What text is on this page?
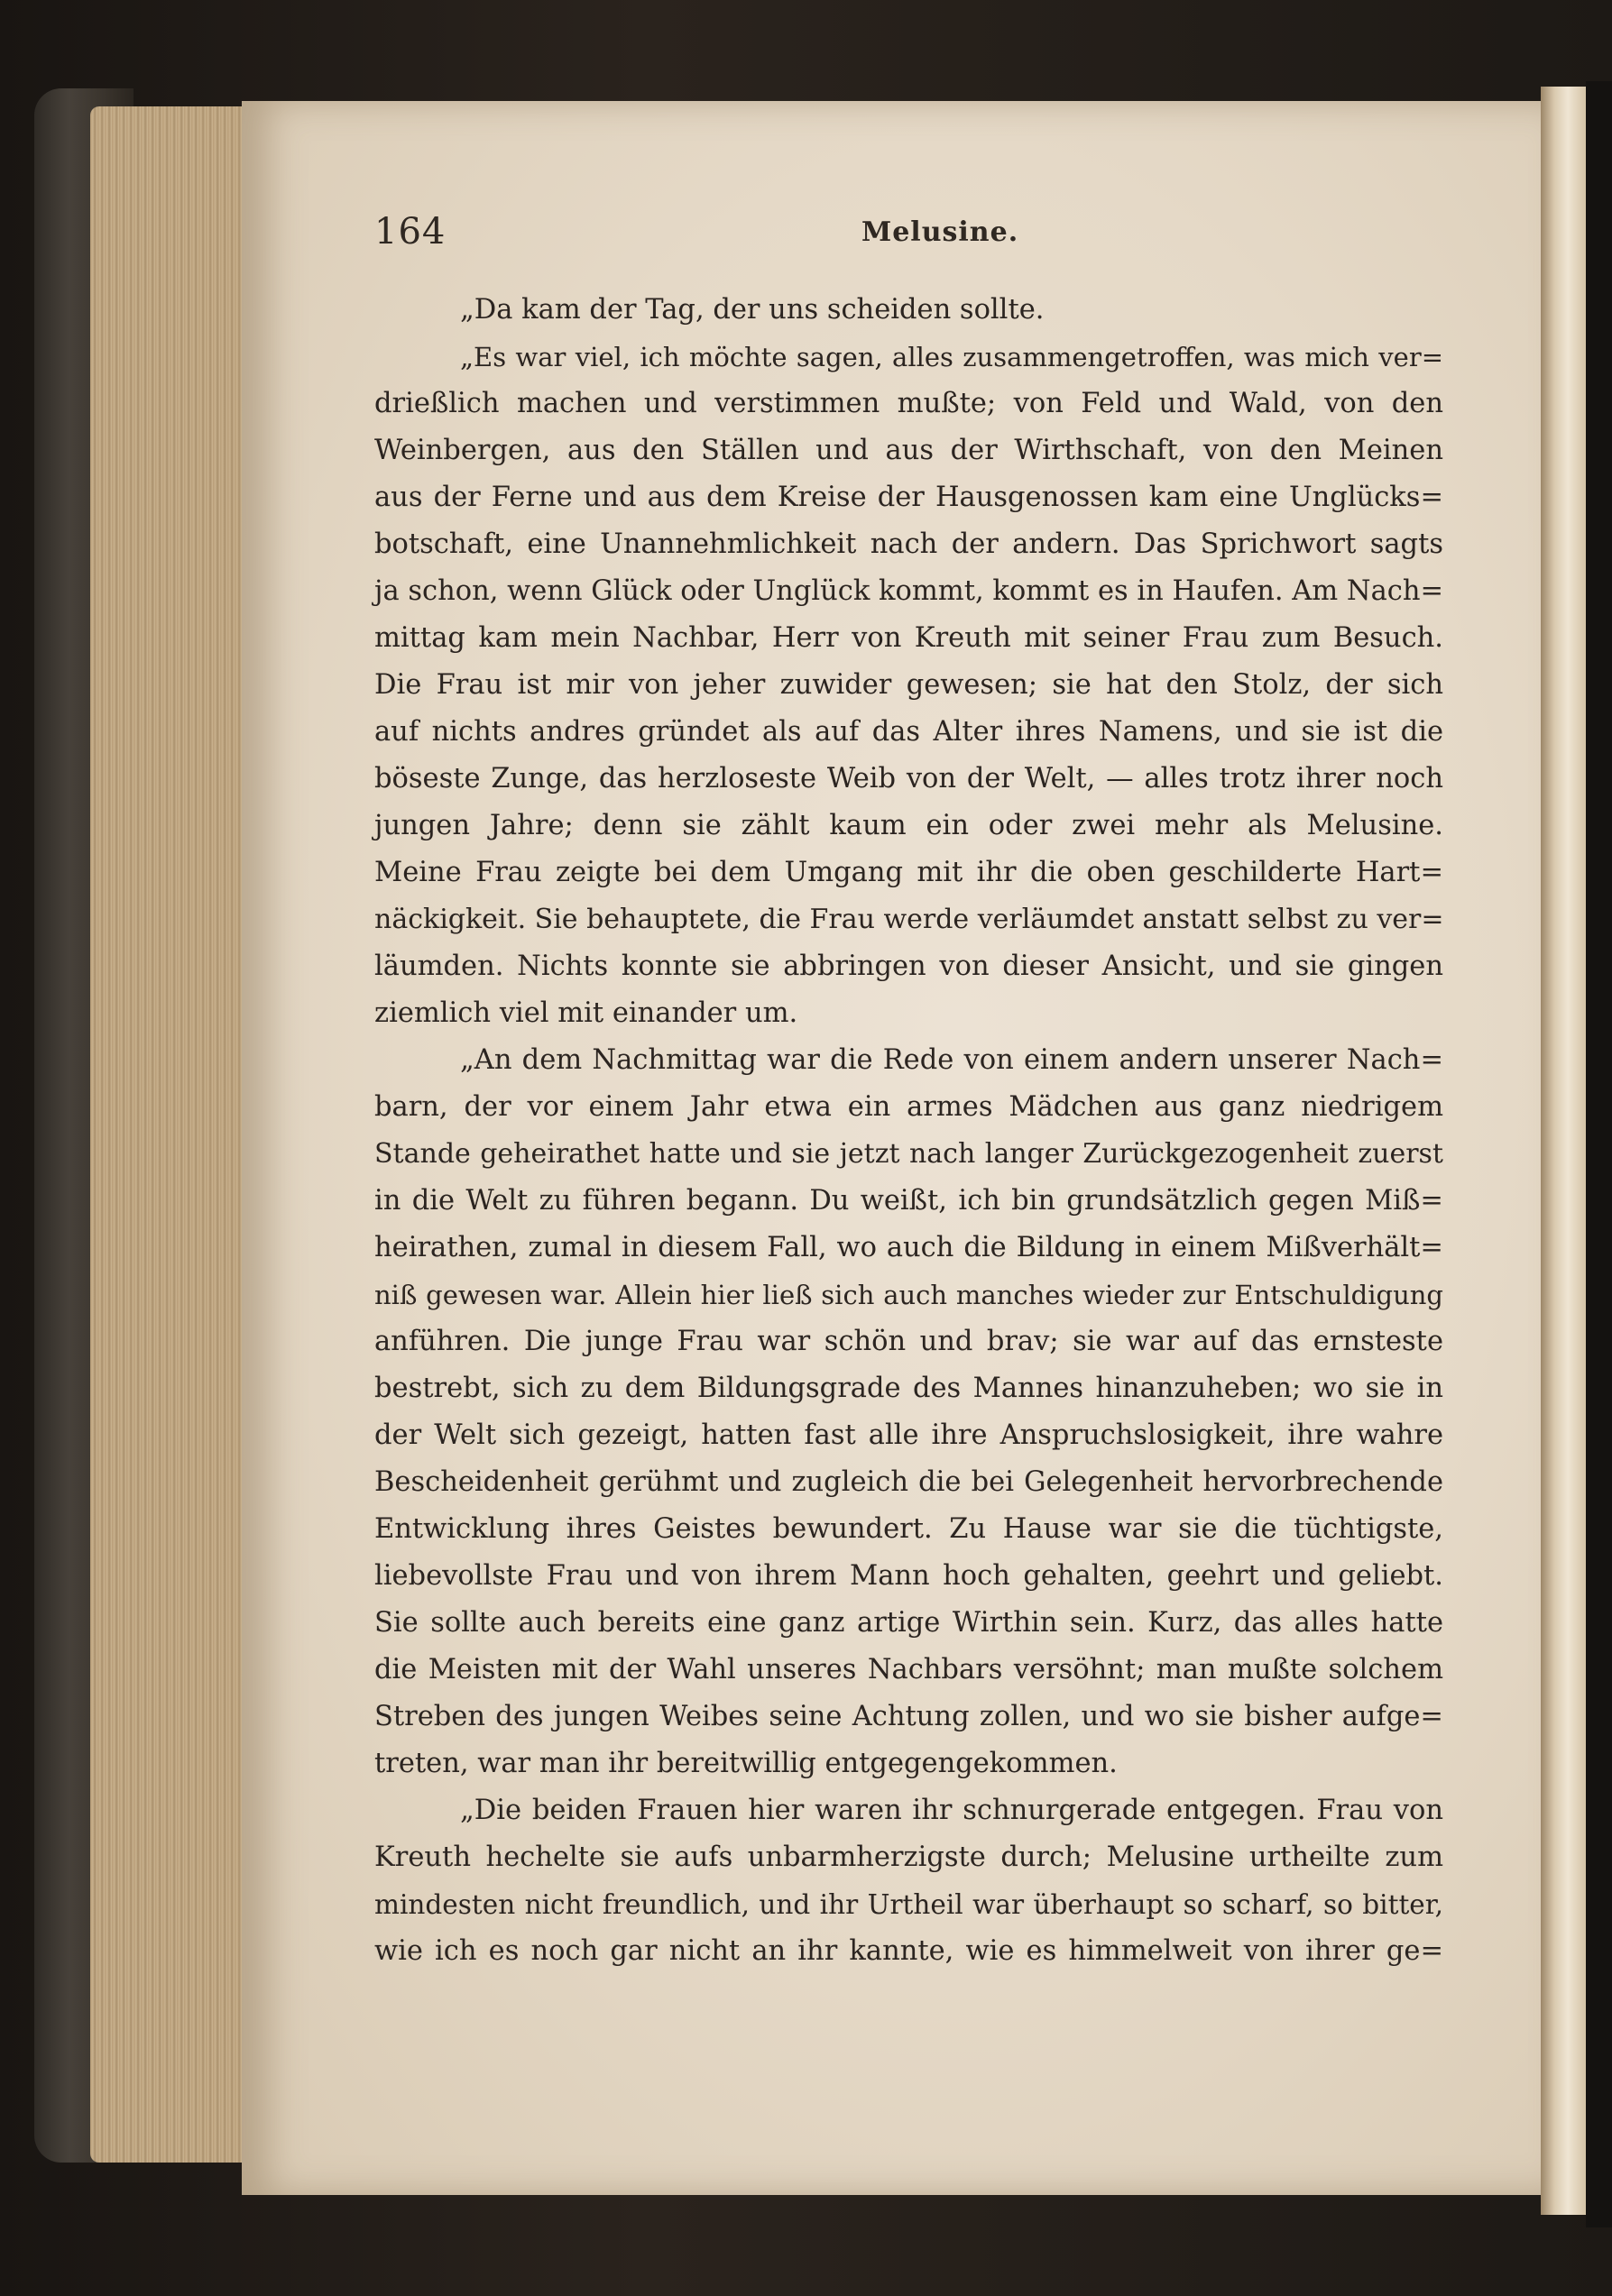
164	Melusine.
„Da kam der Tag, der uns scheiden sollte.
„Es war viel, ich möchte sagen, alles zusammengetroffen, was mich ver=
drießlich machen und verstimmen mußte; von Feld und Wald, von den
Weinbergen, aus den Ställen und aus der Wirthschaft, von den Meinen
aus der Ferne und aus dem Kreise der Hausgenossen kam eine Unglücks=
botschaft, eine Unannehmlichkeit nach der andern. Das Sprichwort sagts
ja schon, wenn Glück oder Unglück kommt, kommt es in Haufen. Am Nach=
mittag kam mein Nachbar, Herr von Kreuth mit seiner Frau zum Besuch.
Die Frau ist mir von jeher zuwider gewesen; sie hat den Stolz, der sich
auf nichts andres gründet als auf das Alter ihres Namens, und sie ist die
böseste Zunge, das herzloseste Weib von der Welt, — alles trotz ihrer noch
jungen Jahre; denn sie zählt kaum ein oder zwei mehr als Melusine.
Meine Frau zeigte bei dem Umgang mit ihr die oben geschilderte Hart=
näckigkeit. Sie behauptete, die Frau werde verläumdet anstatt selbst zu ver=
läumden. Nichts konnte sie abbringen von dieser Ansicht, und sie gingen
ziemlich viel mit einander um.
„An dem Nachmittag war die Rede von einem andern unserer Nach=
barn, der vor einem Jahr etwa ein armes Mädchen aus ganz niedrigem
Stande geheirathet hatte und sie jetzt nach langer Zurückgezogenheit zuerst
in die Welt zu führen begann. Du weißt, ich bin grundsätzlich gegen Miß=
heirathen, zumal in diesem Fall, wo auch die Bildung in einem Mißverhält=
niß gewesen war. Allein hier ließ sich auch manches wieder zur Entschuldigung
anführen. Die junge Frau war schön und brav; sie war auf das ernsteste
bestrebt, sich zu dem Bildungsgrade des Mannes hinanzuheben; wo sie in
der Welt sich gezeigt, hatten fast alle ihre Anspruchslosigkeit, ihre wahre
Bescheidenheit gerühmt und zugleich die bei Gelegenheit hervorbrechende
Entwicklung ihres Geistes bewundert. Zu Hause war sie die tüchtigste,
liebevollste Frau und von ihrem Mann hoch gehalten, geehrt und geliebt.
Sie sollte auch bereits eine ganz artige Wirthin sein. Kurz, das alles hatte
die Meisten mit der Wahl unseres Nachbars versöhnt; man mußte solchem
Streben des jungen Weibes seine Achtung zollen, und wo sie bisher aufge=
treten, war man ihr bereitwillig entgegengekommen.
„Die beiden Frauen hier waren ihr schnurgerade entgegen. Frau von
Kreuth hechelte sie aufs unbarmherzigste durch; Melusine urtheilte zum
mindesten nicht freundlich, und ihr Urtheil war überhaupt so scharf, so bitter,
wie ich es noch gar nicht an ihr kannte, wie es himmelweit von ihrer ge=
